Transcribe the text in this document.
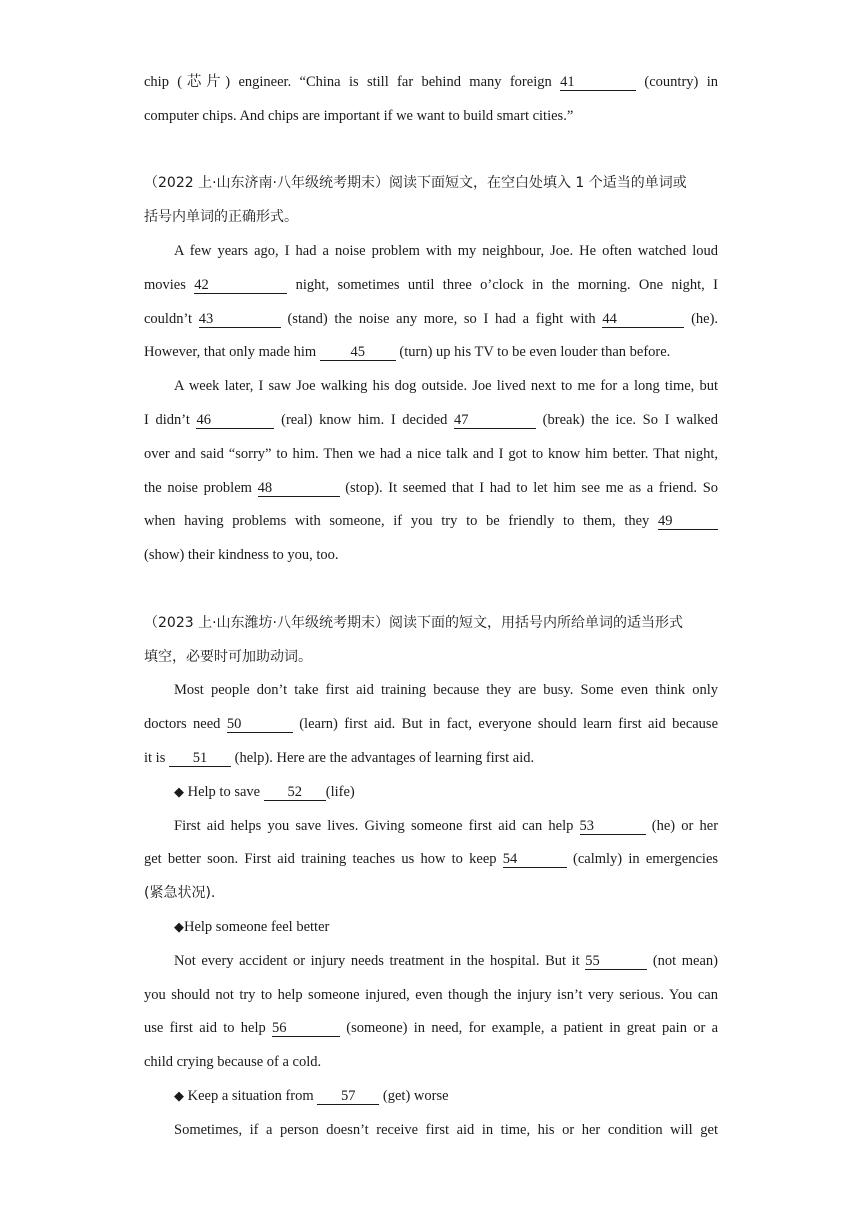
chip (芯片) engineer. “China is still far behind many foreign 41	(country) in
computer chips. And chips are important if we want to build smart cities.”
（2022 上·山东济南·八年级统考期末）阅读下面短文，在空白处填入 1 个适当的单词或
括号内单词的正确形式。
A few years ago, I had a noise problem with my neighbour, Joe. He often watched loud
movies 42	night, sometimes until three o’clock in the morning. One night, I
couldn’t 43	(stand) the noise any more, so I had a fight with 44	(he).
However, that only made him 45 (turn) up his TV to be even louder than before.
A week later, I saw Joe walking his dog outside. Joe lived next to me for a long time, but
I didn’t 46	(real) know him. I decided 47	(break) the ice. So I walked
over and said “sorry” to him. Then we had a nice talk and I got to know him better. That night,
the noise problem 48	(stop). It seemed that I had to let him see me as a friend. So
when having problems with someone, if you try to be friendly to them, they 49
(show) their kindness to you, too.
（2023 上·山东潍坊·八年级统考期末）阅读下面的短文，用括号内所给单词的适当形式
填空，必要时可加助动词。
Most people don’t take first aid training because they are busy. Some even think only
doctors need 50	(learn) first aid. But in fact, everyone should learn first aid because
it is 51 (help). Here are the advantages of learning first aid.
◆ Help to save 52 (life)
First aid helps you save lives. Giving someone first aid can help 53	(he) or her
get better soon. First aid training teaches us how to keep 54	(calmly) in emergencies
(紧急状况).
◆Help someone feel better
Not every accident or injury needs treatment in the hospital. But it 55	(not mean)
you should not try to help someone injured, even though the injury isn’t very serious. You can
use first aid to help 56	(someone) in need, for example, a patient in great pain or a
child crying because of a cold.
◆ Keep a situation from 57 (get) worse
Sometimes, if a person doesn’t receive first aid in time, his or her condition will get
